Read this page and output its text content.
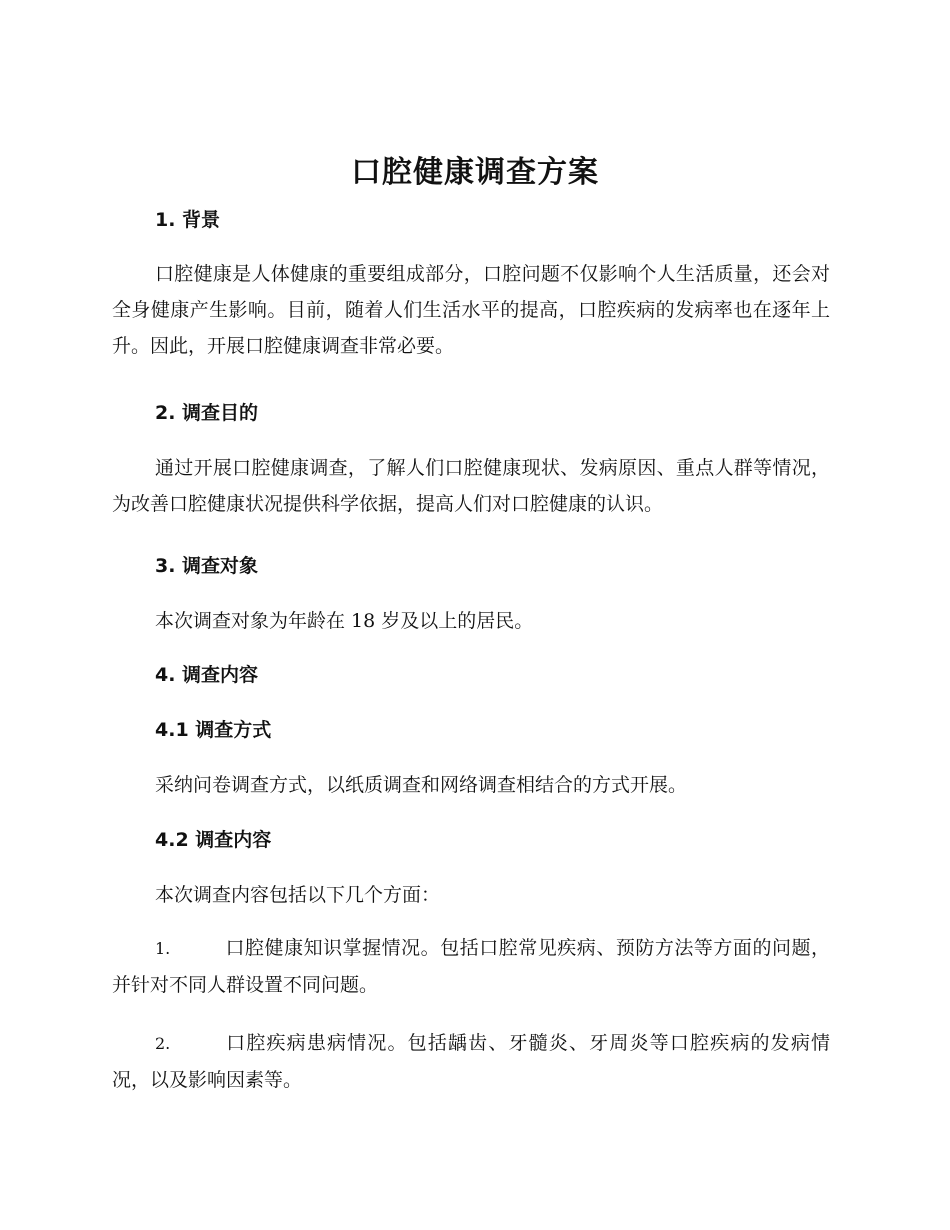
口腔健康调查方案
1. 背景

口腔健康是人体健康的重要组成部分，口腔问题不仅影响个人生活质量，还会对全身健康产生影响。目前，随着人们生活水平的提高，口腔疾病的发病率也在逐年上升。因此，开展口腔健康调查非常必要。

2. 调查目的

通过开展口腔健康调查，了解人们口腔健康现状、发病原因、重点人群等情况，为改善口腔健康状况提供科学依据，提高人们对口腔健康的认识。

3. 调查对象

本次调查对象为年龄在 18 岁及以上的居民。

4. 调查内容
4.1 调查方式

采纳问卷调查方式，以纸质调查和网络调查相结合的方式开展。

4.2 调查内容

本次调查内容包括以下几个方面：

1.	口腔健康知识掌握情况。包括口腔常见疾病、预防方法等方面的问题，并针对不同人群设置不同问题。

2.	口腔疾病患病情况。包括龋齿、牙髓炎、牙周炎等口腔疾病的发病情况，以及影响因素等。
